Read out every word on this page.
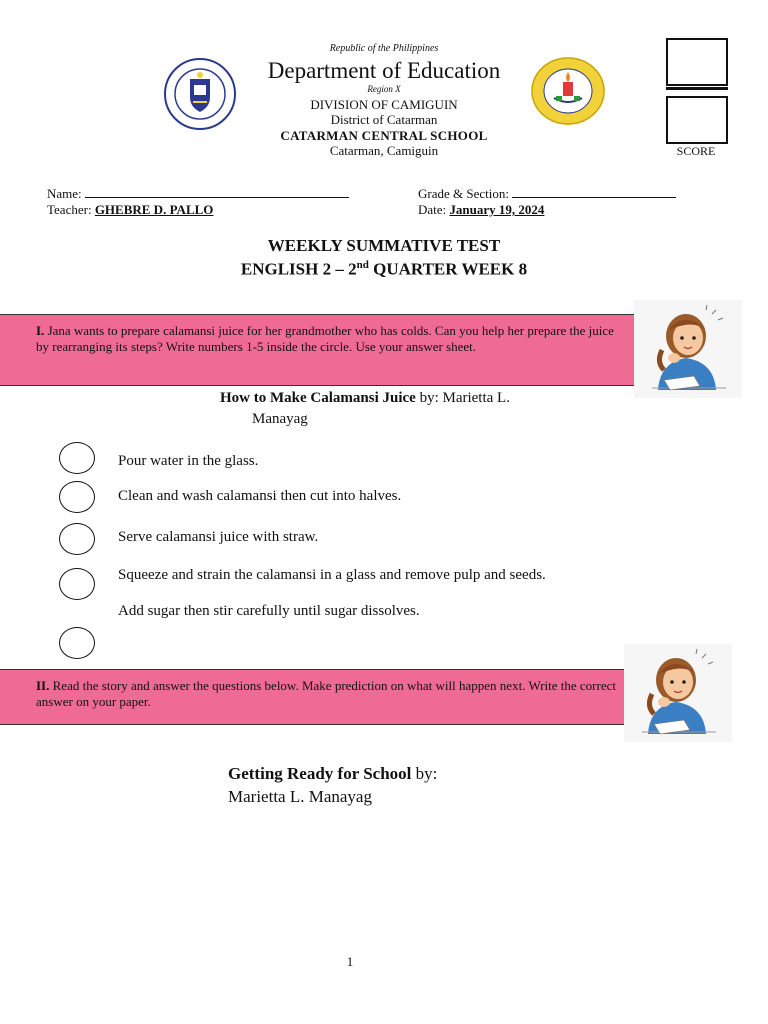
Republic of the Philippines
Department of Education
Region X
DIVISION OF CAMIGUIN
District of Catarman
CATARMAN CENTRAL SCHOOL
Catarman, Camiguin	SCORE
Name:	Grade & Section:
Teacher: GHEBRE D. PALLO	Date: January 19, 2024
WEEKLY SUMMATIVE TEST
ENGLISH 2 – 2nd QUARTER WEEK 8

I. Jana wants to prepare calamansi juice for her grandmother who has colds. Can you help her prepare the juice by rearranging its steps? Write numbers 1-5 inside the circle. Use your answer sheet.

How to Make Calamansi Juice by: Marietta L.
Manayag
Pour water in the glass.
Clean and wash calamansi then cut into halves.
Serve calamansi juice with straw.
Squeeze and strain the calamansi in a glass and remove pulp and seeds.
Add sugar then stir carefully until sugar dissolves.

II. Read the story and answer the questions below. Make prediction on what will happen next. Write the correct answer on your paper.

Getting Ready for School by:
Marietta L. Manayag
1
